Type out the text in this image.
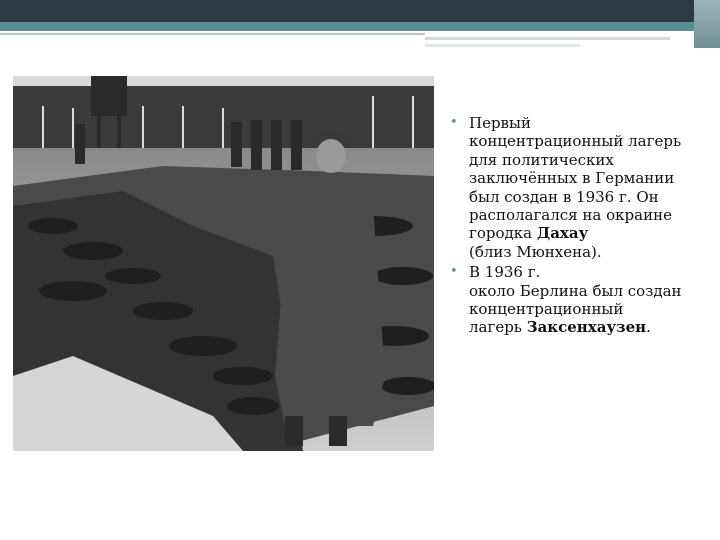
• Первый
концентрационный лагерь
для политических
заключённых в Германии
был создан в 1936 г. Он
располагался на окраине
городка Дахау
(близ Мюнхена).
• В 1936 г.
около Берлина был создан
концентрационный
лагерь Заксенхаузен.
